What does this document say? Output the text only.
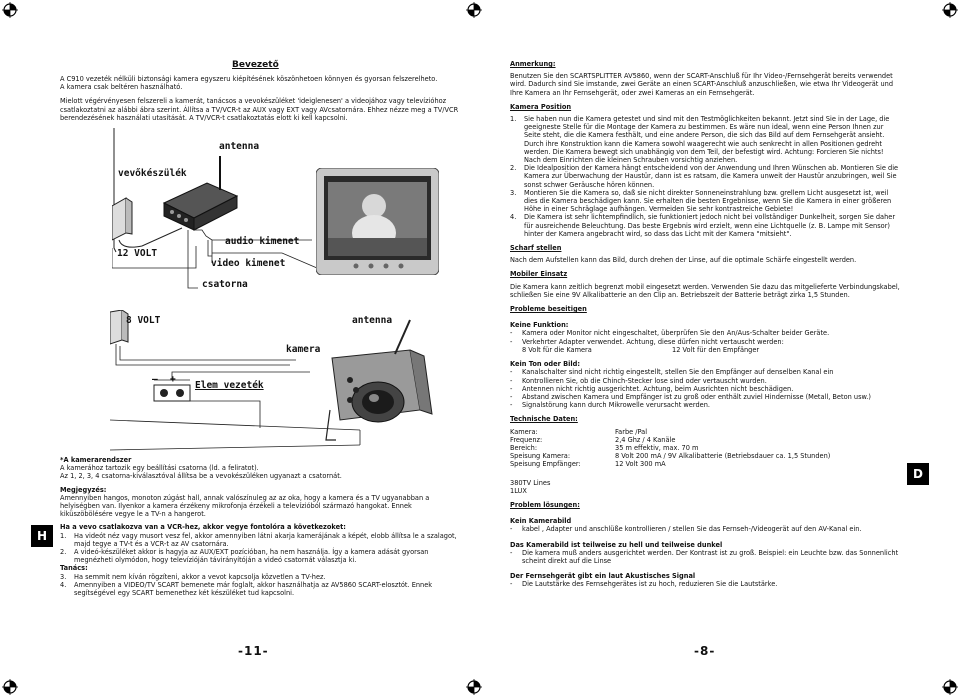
Bevezető

A C910 vezeték nélküli biztonsági kamera egyszeru kiépítésének köszönhetoen könnyen és gyorsan felszerelheto.

A kamera csak beltéren használható.

Mielott végérvényesen felszereli a kamerát, tanácsos a vevokészüléket 'ideiglenesen' a videojához vagy televízióhoz csatlakoztatni az alábbi ábra szerint. Állítsa a TV/VCR-t az AUX vagy EXT vagy AVcsatornára. Ehhez nézze meg a TV/VCR berendezésének használati utasítását. A TV/VCR-t csatlakoztatás elott ki kell kapcsolni.

vevőkészülék
antenna
12 VOLT
audio kimenet
video kimenet
csatorna
8 VOLT	antenna
kamera
Elem vezeték
+
—

*A kamerarendszer

A kamerához tartozik egy beállítási csatorna (ld. a feliratot).

Az 1, 2, 3, 4 csatorna-kiválasztóval állítsa be a vevokészüléken ugyanazt a csatornát.

Megjegyzés:

Amennyiben hangos, monoton zúgást hall, annak valószínuleg az az oka, hogy a kamera és a TV ugyanabban a helyiségben van. Ilyenkor a kamera érzékeny mikrofonja érzékeli a televízióból származó hangokat. Ennek kiküszöbölésére vegye le a TV-n a hangerot.

Ha a vevo csatlakozva van a VCR-hez, akkor vegye fontolóra a következoket:

1. Ha videót néz vagy musort vesz fel, akkor amennyiben látni akarja kamerájának a képét, elobb állítsa le a szalagot, majd tegye a TV-t és a VCR-t az AV csatornára.
2. A videó-készüléket akkor is hagyja az AUX/EXT pozícióban, ha nem használja. Így a kamera adását gyorsan megnézheti olymódon, hogy televízióján távirányítóján a videó csatornát választja ki.

Tanács:

3. Ha semmit nem kíván rögzíteni, akkor a vevot kapcsolja közvetlen a TV-hez.
4. Amennyiben a VIDEO/TV SCART bemenete már foglalt, akkor használhatja az AV5860 SCART-elosztót. Ennek segítségével egy SCART bemenethez két készüléket tud kapcsolni.
H
-11-

Anmerkung:

Benutzen Sie den SCARTSPLITTER AV5860, wenn der SCART-Anschluß für Ihr Video-/Fernsehgerät bereits verwendet wird. Dadurch sind Sie imstande, zwei Geräte an einen SCART-Anschluß anzuschließen, wie etwa Ihr Videogerät und Ihre Kamera an Ihr Fernsehgerät, oder zwei Kameras an ein Fernsehgerät.

Kamera Position

1. Sie haben nun die Kamera getestet und sind mit den Testmöglichkeiten bekannt. Jetzt sind Sie in der Lage, die geeigneste Stelle für die Montage der Kamera zu bestimmen. Es wäre nun ideal, wenn eine Person Ihnen zur Seite steht, die die Kamera festhält, und eine andere Person, die sich das Bild auf dem Fernsehgerät ansieht. Durch ihre Konstruktion kann die Kamera sowohl waagerecht wie auch senkrecht in allen Positionen gedreht werden. Die Kamera bewegt sich unabhängig von dem Teil, der befestigt wird. Achtung: Forcieren Sie nichts! Nach dem Einrichten die kleinen Schrauben vorsichtig anziehen.
2. Die Idealposition der Kamera hängt entscheidend von der Anwendung und Ihren Wünschen ab. Montieren Sie die Kamera zur Überwachung der Haustür, dann ist es ratsam, die Kamera unweit der Haustür anzubringen, weil Sie sonst schwer Geräusche hören können.
3. Montieren Sie die Kamera so, daß sie nicht direkter Sonneneinstrahlung bzw. grellem Licht ausgesetzt ist, weil dies die Kamera beschädigen kann. Sie erhalten die besten Ergebnisse, wenn Sie die Kamera in einer größeren Höhe in einer Schräglage aufhängen. Vermeiden Sie sehr kontrastreiche Gebiete!
4. Die Kamera ist sehr lichtempfindlich, sie funktioniert jedoch nicht bei vollständiger Dunkelheit, sorgen Sie daher für ausreichende Beleuchtung. Das beste Ergebnis wird erzielt, wenn eine Lichtquelle (z. B. Lampe mit Sensor) hinter der Kamera angebracht wird, so dass das Licht mit der Kamera "mitsieht".

Scharf stellen

Nach dem Aufstellen kann das Bild, durch drehen der Linse, auf die optimale Schärfe eingestellt werden.

Mobiler Einsatz

Die Kamera kann zeitlich begrenzt mobil eingesetzt werden. Verwenden Sie dazu das mitgelieferte Verbindungskabel, schließen Sie eine 9V Alkalibatterie an den Clip an. Betriebszeit der Batterie beträgt zirka 1,5 Stunden.

Probleme beseitigen

Keine Funktion:

- Kamera oder Monitor nicht eingeschaltet, überprüfen Sie den An/Aus-Schalter beider Geräte.
- Verkehrter Adapter verwendet. Achtung, diese dürfen nicht vertauscht werden:
8 Volt für die Kamera	12 Volt für den Empfänger

Kein Ton oder Bild:

- Kanalschalter sind nicht richtig eingestellt, stellen Sie den Empfänger auf denselben Kanal ein
- Kontrollieren Sie, ob die Chinch-Stecker lose sind oder vertauscht wurden.
- Antennen nicht richtig ausgerichtet. Achtung, beim Ausrichten nicht beschädigen.
- Abstand zwischen Kamera und Empfänger ist zu groß oder enthält zuviel Hindernisse (Metall, Beton usw.)
- Signalstörung kann durch Mikrowelle verursacht werden.

Technische Daten:

Kamera:	Farbe /Pal
Frequenz:	2,4 Ghz / 4 Kanäle
Bereich:	35 m effektiv, max. 70 m
Speisung Kamera:	8 Volt 200 mA / 9V Alkalibatterie (Betriebsdauer ca. 1,5 Stunden)
Speisung Empfänger:	12 Volt 300 mA

380TV Lines

1LUX

Problem lösungen:

Kein Kamerabild

- kabel , Adapter und anschlüße kontrollieren / stellen Sie das Fernseh-/Videogerät auf den AV-Kanal ein.

Das Kamerabild ist teilweise zu hell und teilweise dunkel

- Die kamera muß anders ausgerichtet werden. Der Kontrast ist zu groß. Beispiel: ein Leuchte bzw. das Sonnenlicht scheint direkt auf die Linse

Der Fernsehgerät gibt ein laut Akustisches Signal

- Die Lautstärke des Fernsehgerätes ist zu hoch, reduzieren Sie die Lautstärke.
D
-8-
